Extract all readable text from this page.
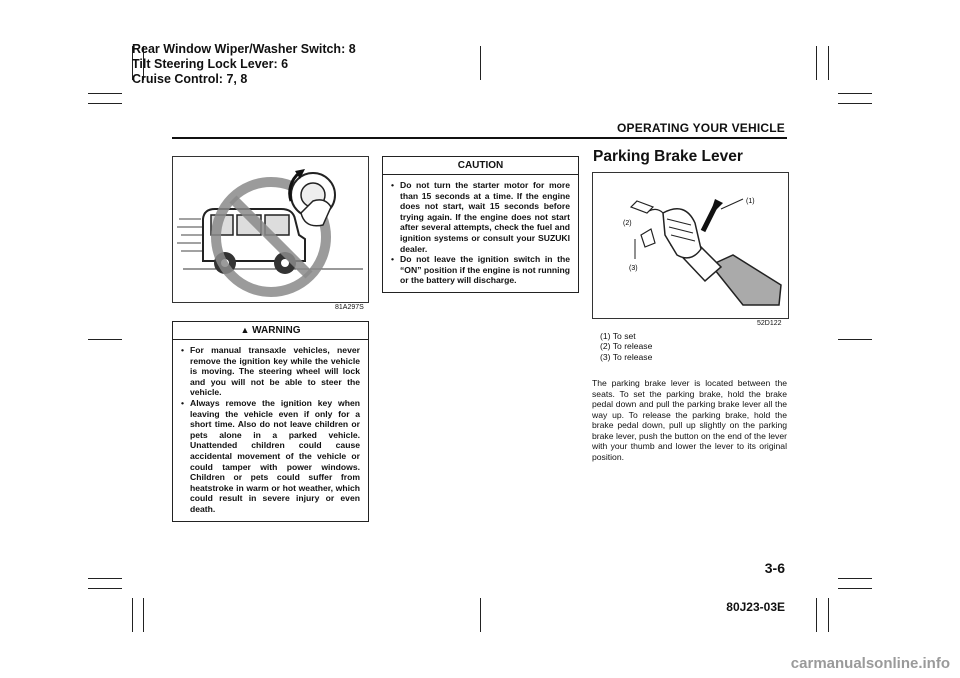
Rear Window Wiper/Washer Switch: 8
Tilt Steering Lock Lever: 6
Cruise Control: 7, 8
OPERATING YOUR VEHICLE
81A297S
▲ WARNING
• For manual transaxle vehicles, never remove the ignition key while the vehicle is moving. The steering wheel will lock and you will not be able to steer the vehicle.
• Always remove the ignition key when leaving the vehicle even if only for a short time. Also do not leave children or pets alone in a parked vehicle. Unattended children could cause accidental movement of the vehicle or could tamper with power windows. Children or pets could suffer from heatstroke in warm or hot weather, which could result in severe injury or even death.
CAUTION
• Do not turn the starter motor for more than 15 seconds at a time. If the engine does not start, wait 15 seconds before trying again. If the engine does not start after several attempts, check the fuel and ignition systems or consult your SUZUKI dealer.
• Do not leave the ignition switch in the “ON” position if the engine is not running or the battery will discharge.
Parking Brake Lever
(1)
(2)
(3)
52D122
(1) To set
(2) To release
(3) To release

The parking brake lever is located between the seats. To set the parking brake, hold the brake pedal down and pull the parking brake lever all the way up. To release the parking brake, hold the brake pedal down, pull up slightly on the parking brake lever, push the button on the end of the lever with your thumb and lower the lever to its original position.

3-6
80J23-03E
carmanualsonline.info
